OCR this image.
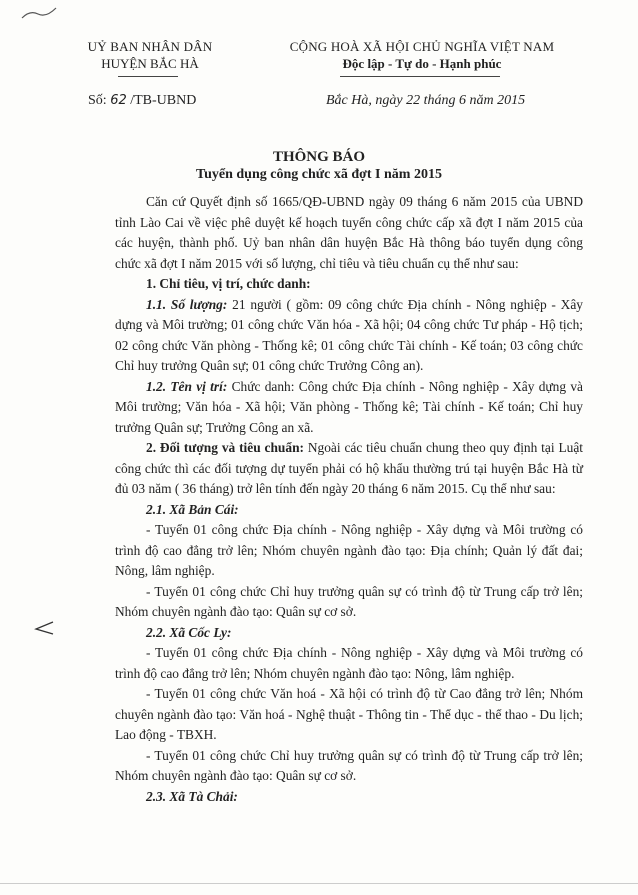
UỶ BAN NHÂN DÂN
HUYỆN BẮC HÀ
CỘNG HOÀ XÃ HỘI CHỦ NGHĨA VIỆT NAM
Độc lập - Tự do - Hạnh phúc
Số: 62 /TB-UBND	Bắc Hà, ngày 22 tháng 6 năm 2015
THÔNG BÁO
Tuyển dụng công chức xã đợt I năm 2015

Căn cứ Quyết định số 1665/QĐ-UBND ngày 09 tháng 6 năm 2015 của UBND tỉnh Lào Cai về việc phê duyệt kế hoạch tuyển công chức cấp xã đợt I năm 2015 của các huyện, thành phố. Uỷ ban nhân dân huyện Bắc Hà thông báo tuyển dụng công chức xã đợt I năm 2015 với số lượng, chỉ tiêu và tiêu chuẩn cụ thể như sau:

1. Chỉ tiêu, vị trí, chức danh:

1.1. Số lượng: 21 người ( gồm: 09 công chức Địa chính - Nông nghiệp - Xây dựng và Môi trường; 01 công chức Văn hóa - Xã hội; 04 công chức Tư pháp - Hộ tịch; 02 công chức Văn phòng - Thống kê; 01 công chức Tài chính - Kế toán; 03 công chức Chỉ huy trưởng Quân sự; 01 công chức Trưởng Công an).

1.2. Tên vị trí: Chức danh: Công chức Địa chính - Nông nghiệp - Xây dựng và Môi trường; Văn hóa - Xã hội; Văn phòng - Thống kê; Tài chính - Kế toán; Chỉ huy trưởng Quân sự; Trưởng Công an xã.

2. Đối tượng và tiêu chuẩn: Ngoài các tiêu chuẩn chung theo quy định tại Luật công chức thì các đối tượng dự tuyển phải có hộ khẩu thường trú tại huyện Bắc Hà từ đủ 03 năm ( 36 tháng) trở lên tính đến ngày 20 tháng 6 năm 2015. Cụ thể như sau:

2.1. Xã Bản Cái:

- Tuyển 01 công chức Địa chính - Nông nghiệp - Xây dựng và Môi trường có trình độ cao đẳng trở lên; Nhóm chuyên ngành đào tạo: Địa chính; Quản lý đất đai; Nông, lâm nghiệp.

- Tuyển 01 công chức Chỉ huy trưởng quân sự có trình độ từ Trung cấp trở lên; Nhóm chuyên ngành đào tạo: Quân sự cơ sở.

2.2. Xã Cốc Ly:

- Tuyển 01 công chức Địa chính - Nông nghiệp - Xây dựng và Môi trường có trình độ cao đẳng trở lên; Nhóm chuyên ngành đào tạo: Nông, lâm nghiệp.

- Tuyển 01 công chức Văn hoá - Xã hội có trình độ từ Cao đẳng trở lên; Nhóm chuyên ngành đào tạo: Văn hoá - Nghệ thuật - Thông tin - Thể dục - thể thao - Du lịch; Lao động - TBXH.

- Tuyển 01 công chức Chỉ huy trưởng quân sự có trình độ từ Trung cấp trở lên; Nhóm chuyên ngành đào tạo: Quân sự cơ sở.

2.3. Xã Tà Chải:
